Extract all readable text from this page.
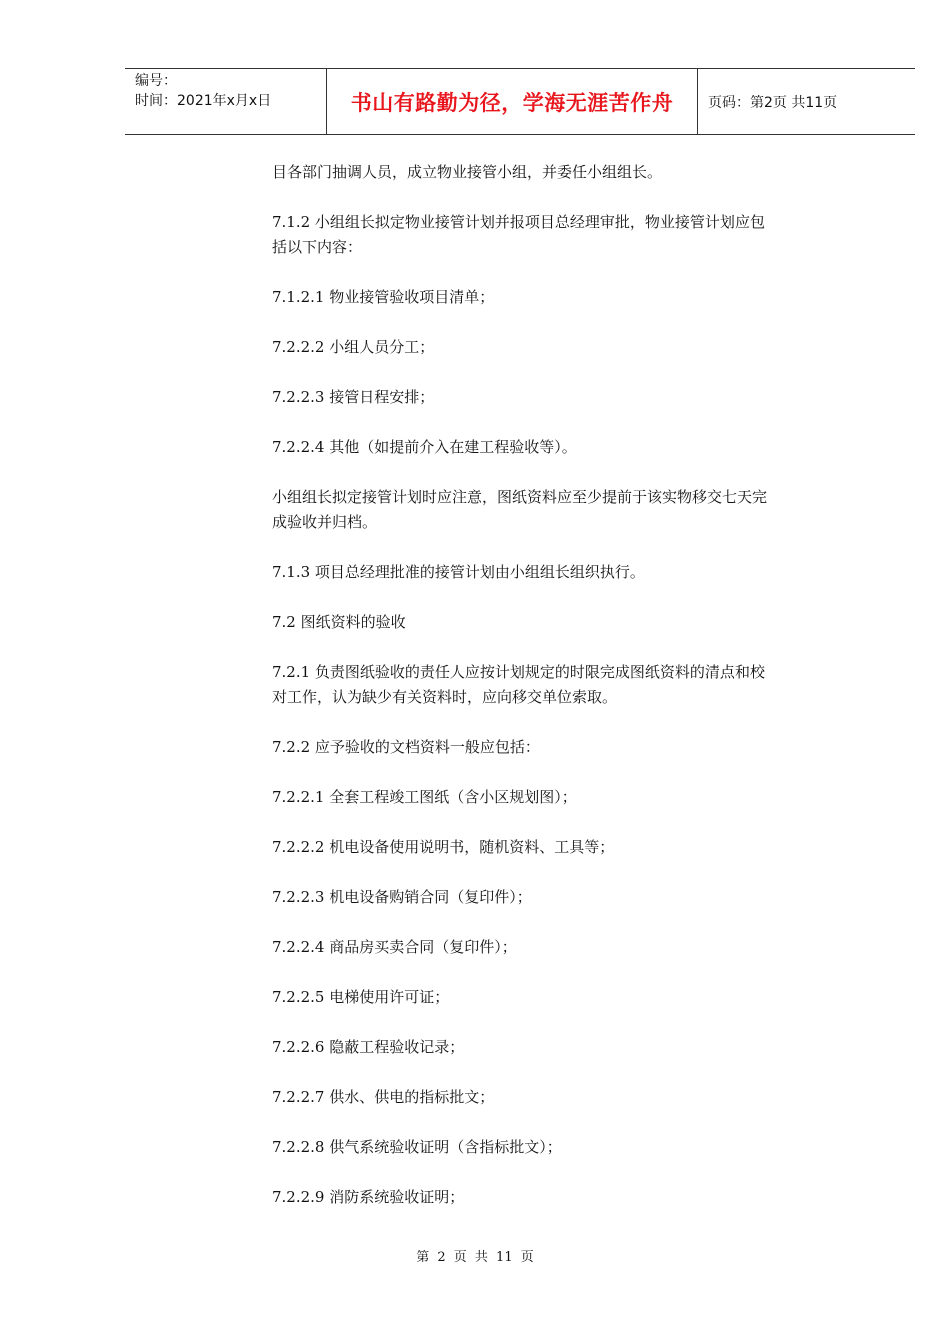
编号：
时间：2021年x月x日	书山有路勤为径，学海无涯苦作舟	页码：第2页 共11页

目各部门抽调人员，成立物业接管小组，并委任小组组长。

7.1.2 小组组长拟定物业接管计划并报项目总经理审批，物业接管计划应包括以下内容：

7.1.2.1 物业接管验收项目清单；

7.2.2.2 小组人员分工；

7.2.2.3 接管日程安排；

7.2.2.4 其他（如提前介入在建工程验收等）。

小组组长拟定接管计划时应注意，图纸资料应至少提前于该实物移交七天完成验收并归档。

7.1.3 项目总经理批准的接管计划由小组组长组织执行。

7.2 图纸资料的验收

7.2.1 负责图纸验收的责任人应按计划规定的时限完成图纸资料的清点和校对工作，认为缺少有关资料时，应向移交单位索取。

7.2.2 应予验收的文档资料一般应包括：

7.2.2.1 全套工程竣工图纸（含小区规划图）；

7.2.2.2 机电设备使用说明书，随机资料、工具等；

7.2.2.3 机电设备购销合同（复印件）；

7.2.2.4 商品房买卖合同（复印件）；

7.2.2.5 电梯使用许可证；

7.2.2.6 隐蔽工程验收记录；

7.2.2.7 供水、供电的指标批文；

7.2.2.8 供气系统验收证明（含指标批文）；

7.2.2.9 消防系统验收证明；

第 2 页 共 11 页
